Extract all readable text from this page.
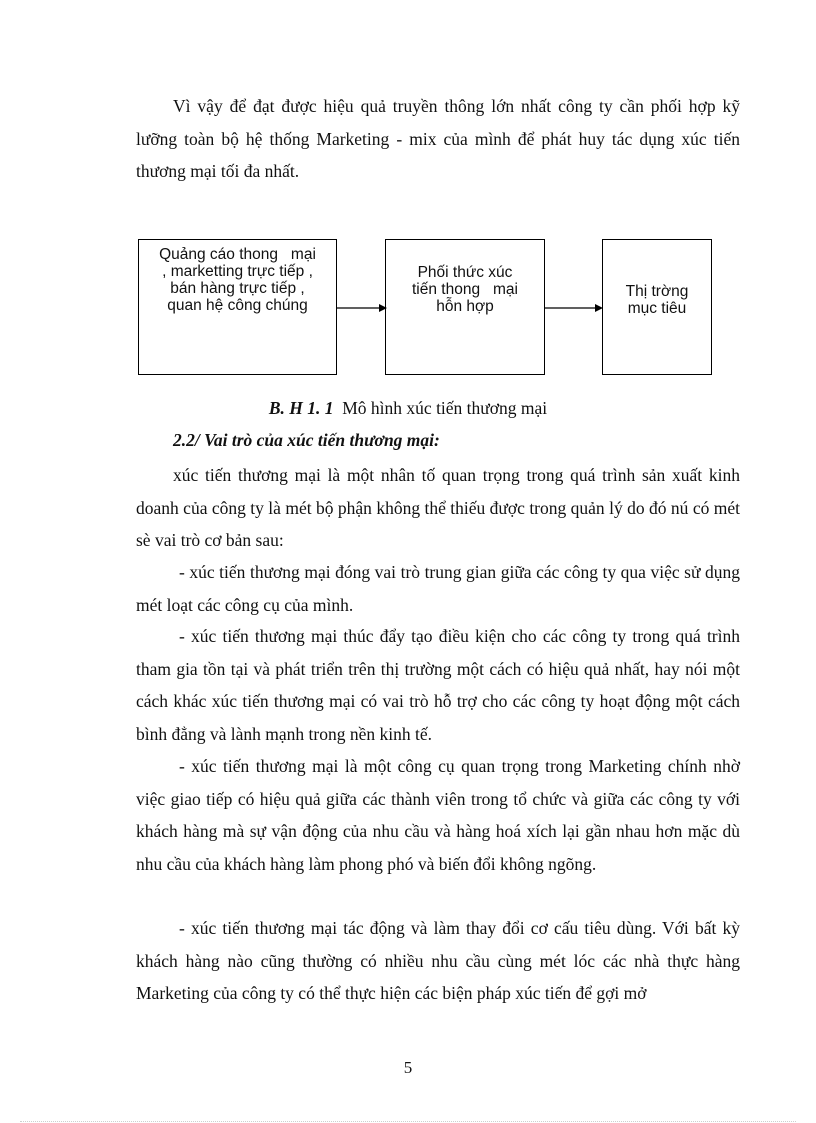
Vì vậy để đạt được hiệu quả truyền thông lớn nhất công ty cần phối hợp kỹ lưỡng toàn bộ hệ thống Marketing - mix của mình để phát huy tác dụng xúc tiến thương mại tối đa nhất.

Quảng cáo thong   mại
, marketting trực tiếp ,
bán hàng trực tiếp ,
quan hệ công chúng
Phối thức xúc
tiến thong   mại
hỗn hợp
Thị trờng
mục tiêu
B. H 1. 1 Mô hình xúc tiến thương mại
2.2/ Vai trò của xúc tiến thương mại:

xúc tiến thương mại là một nhân tố quan trọng trong quá trình sản xuất kinh doanh của công ty là mét bộ phận không thể thiếu được trong quản lý do đó nú có mét sè vai trò cơ bản sau:

- xúc tiến thương mại đóng vai trò trung gian giữa các công ty qua việc sử dụng mét loạt các công cụ của mình.

- xúc tiến thương mại thúc đẩy tạo điều kiện cho các công ty trong quá trình tham gia tồn tại và phát triển trên thị trường một cách có hiệu quả nhất, hay nói một cách khác xúc tiến thương mại có vai trò hỗ trợ cho các công ty hoạt động một cách bình đẳng và lành mạnh trong nền kinh tế.

- xúc tiến thương mại là một công cụ quan trọng trong Marketing chính nhờ việc giao tiếp có hiệu quả giữa các thành viên trong tổ chức và giữa các công ty với khách hàng mà sự vận động của nhu cầu và hàng hoá xích lại gần nhau hơn mặc dù nhu cầu của khách hàng làm phong phó và biến đổi không ngõng.

- xúc tiến thương mại tác động và làm thay đổi cơ cấu tiêu dùng. Với bất kỳ khách hàng nào cũng thường có nhiều nhu cầu cùng mét lóc các nhà thực hàng Marketing của công ty có thể thực hiện các biện pháp xúc tiến để gợi mở

5
